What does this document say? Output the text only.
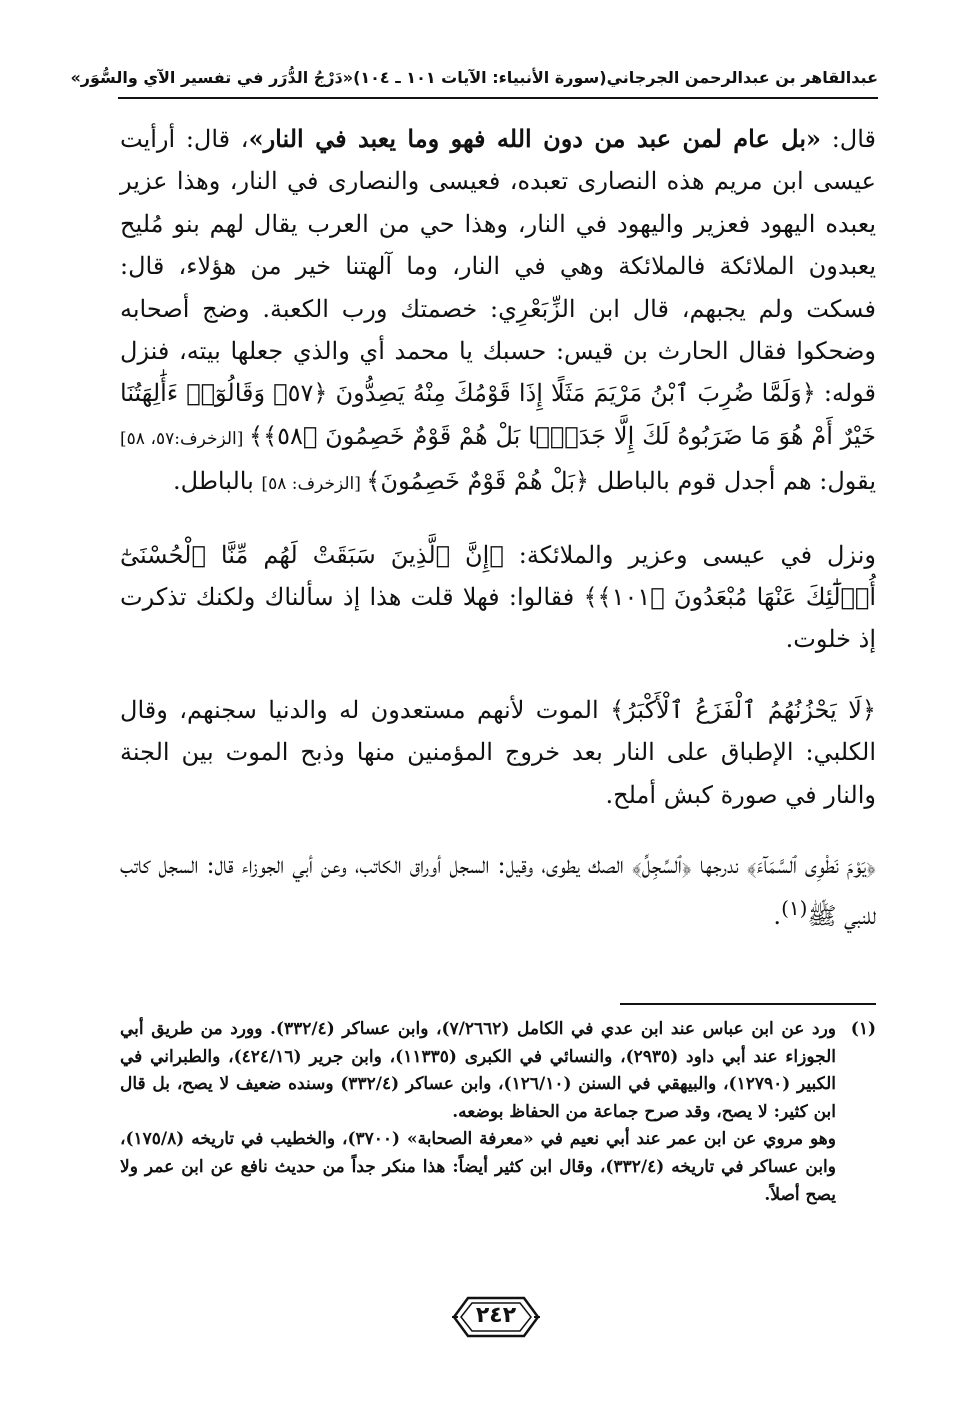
عبدالقاهر بن عبدالرحمن الجرجاني
(سورة الأنبياء: الآيات ١٠١ ـ ١٠٤)
«دَرْجُ الدُّرَر في تفسير الآي والسُّوَر»

قال: «بل عام لمن عبد من دون الله فهو وما يعبد في النار»، قال: أرأيت عيسى ابن مريم هذه النصارى تعبده، فعيسى والنصارى في النار، وهذا عزير يعبده اليهود فعزير واليهود في النار، وهذا حي من العرب يقال لهم بنو مُليح يعبدون الملائكة فالملائكة وهي في النار، وما آلهتنا خير من هؤلاء، قال: فسكت ولم يجبهم، قال ابن الزِّبَعْرِي: خصمتك ورب الكعبة. وضج أصحابه وضحكوا فقال الحارث بن قيس: حسبك يا محمد أي والذي جعلها بيته، فنزل قوله: ﴿وَلَمَّا ضُرِبَ ٱبْنُ مَرْيَمَ مَثَلًا إِذَا قَوْمُكَ مِنْهُ يَصِدُّونَ ﴿٥٧﴾ وَقَالُوٓا۟ ءَأَٰلِهَتُنَا خَيْرٌ أَمْ هُوَ مَا ضَرَبُوهُ لَكَ إِلَّا جَدَلًۢا بَلْ هُمْ قَوْمٌ خَصِمُونَ ﴿٥٨﴾﴾ [الزخرف:٥٧، ٥٨] يقول: هم أجدل قوم بالباطل ﴿بَلْ هُمْ قَوْمٌ خَصِمُونَ﴾ [الزخرف: ٥٨] بالباطل.

ونزل في عيسى وعزير والملائكة: ﴿إِنَّ ٱلَّذِينَ سَبَقَتْ لَهُم مِّنَّا ٱلْحُسْنَىٰٓ أُو۟لَٰٓئِكَ عَنْهَا مُبْعَدُونَ ﴿١٠١﴾﴾ فقالوا: فهلا قلت هذا إذ سألناك ولكنك تذكرت إذ خلوت.

﴿لَا يَحْزُنُهُمُ ٱلْفَزَعُ ٱلْأَكْبَرُ﴾ الموت لأنهم مستعدون له والدنيا سجنهم، وقال الكلبي: الإطباق على النار بعد خروج المؤمنين منها وذبح الموت بين الجنة والنار في صورة كبش أملح.

﴿يَوْمَ نَطْوِى ٱلسَّمَآءَ﴾ ندرجها ﴿ٱلسِّجِلِّ﴾ الصك يطوى، وقيل: السجل أوراق الكاتب، وعن أبي الجوزاء قال: السجل كاتب للنبي ﷺ$^{(١)}$.

(١)

ورد عن ابن عباس عند ابن عدي في الكامل (٧/٢٦٦٢)، وابن عساكر (٣٣٢/٤). وورد من طريق أبي الجوزاء عند أبي داود (٢٩٣٥)، والنسائي في الكبرى (١١٣٣٥)، وابن جرير (٤٢٤/١٦)، والطبراني في الكبير (١٢٧٩٠)، والبيهقي في السنن (١٢٦/١٠)، وابن عساكر (٣٣٢/٤) وسنده ضعيف لا يصح، بل قال ابن كثير: لا يصح، وقد صرح جماعة من الحفاظ بوضعه.

وهو مروي عن ابن عمر عند أبي نعيم في «معرفة الصحابة» (٣٧٠٠)، والخطيب في تاريخه (١٧٥/٨)، وابن عساكر في تاريخه (٣٣٢/٤)، وقال ابن كثير أيضاً: هذا منكر جداً من حديث نافع عن ابن عمر ولا يصح أصلاً.

٢٤٢
